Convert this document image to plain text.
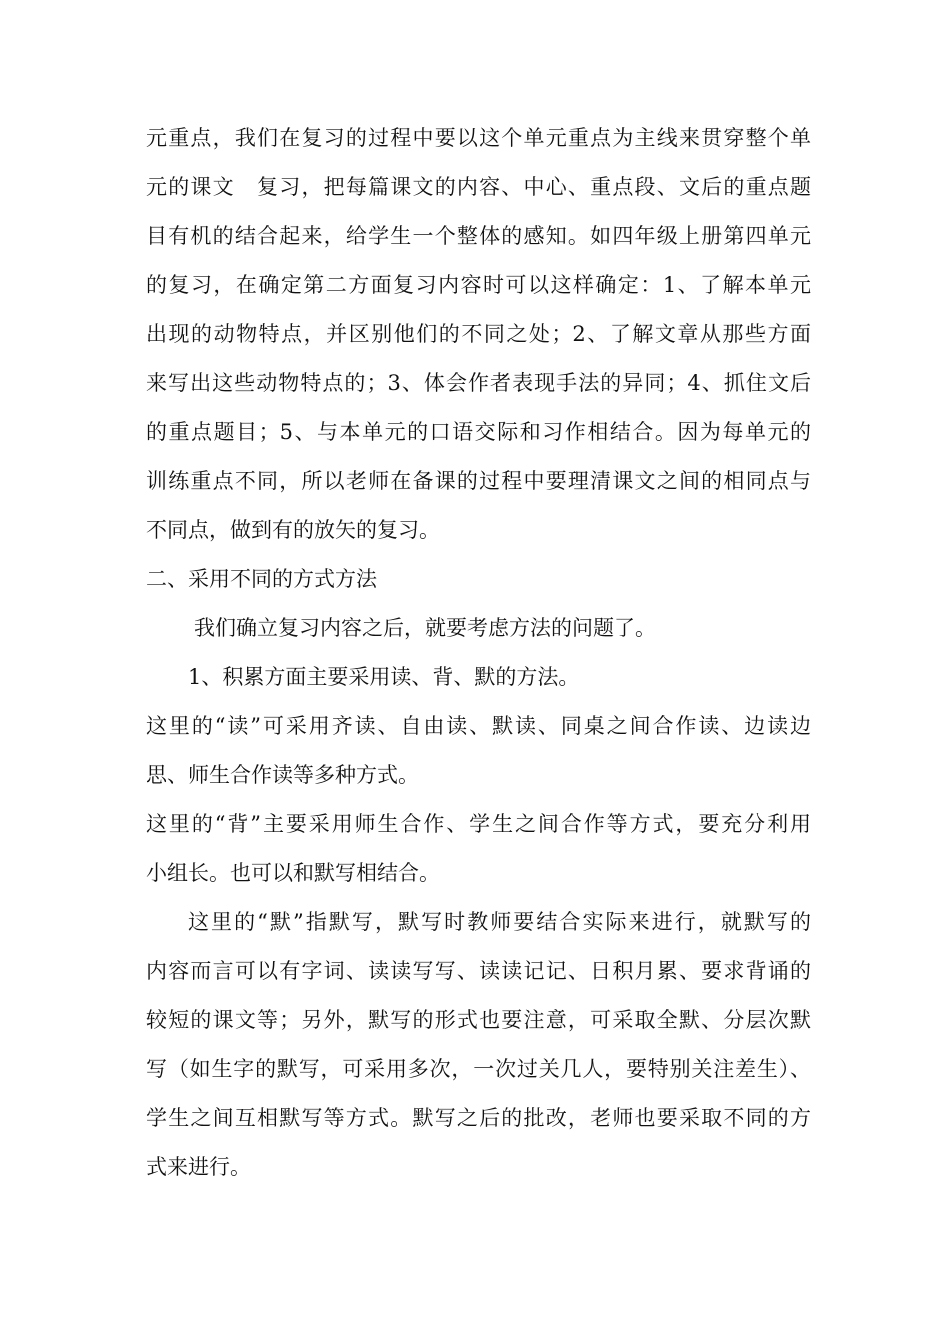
元重点，我们在复习的过程中要以这个单元重点为主线来贯穿整个单
元的课文　复习，把每篇课文的内容、中心、重点段、文后的重点题
目有机的结合起来，给学生一个整体的感知。如四年级上册第四单元
的复习，在确定第二方面复习内容时可以这样确定：1、了解本单元
出现的动物特点，并区别他们的不同之处；2、了解文章从那些方面
来写出这些动物特点的；3、体会作者表现手法的异同；4、抓住文后
的重点题目；5、与本单元的口语交际和习作相结合。因为每单元的
训练重点不同，所以老师在备课的过程中要理清课文之间的相同点与
不同点，做到有的放矢的复习。
二、采用不同的方式方法
我们确立复习内容之后，就要考虑方法的问题了。
1、积累方面主要采用读、背、默的方法。
这里的“读”可采用齐读、自由读、默读、同桌之间合作读、边读边
思、师生合作读等多种方式。
这里的“背”主要采用师生合作、学生之间合作等方式，要充分利用
小组长。也可以和默写相结合。
这里的“默”指默写，默写时教师要结合实际来进行，就默写的
内容而言可以有字词、读读写写、读读记记、日积月累、要求背诵的
较短的课文等；另外，默写的形式也要注意，可采取全默、分层次默
写（如生字的默写，可采用多次，一次过关几人，要特别关注差生）、
学生之间互相默写等方式。默写之后的批改，老师也要采取不同的方
式来进行。
